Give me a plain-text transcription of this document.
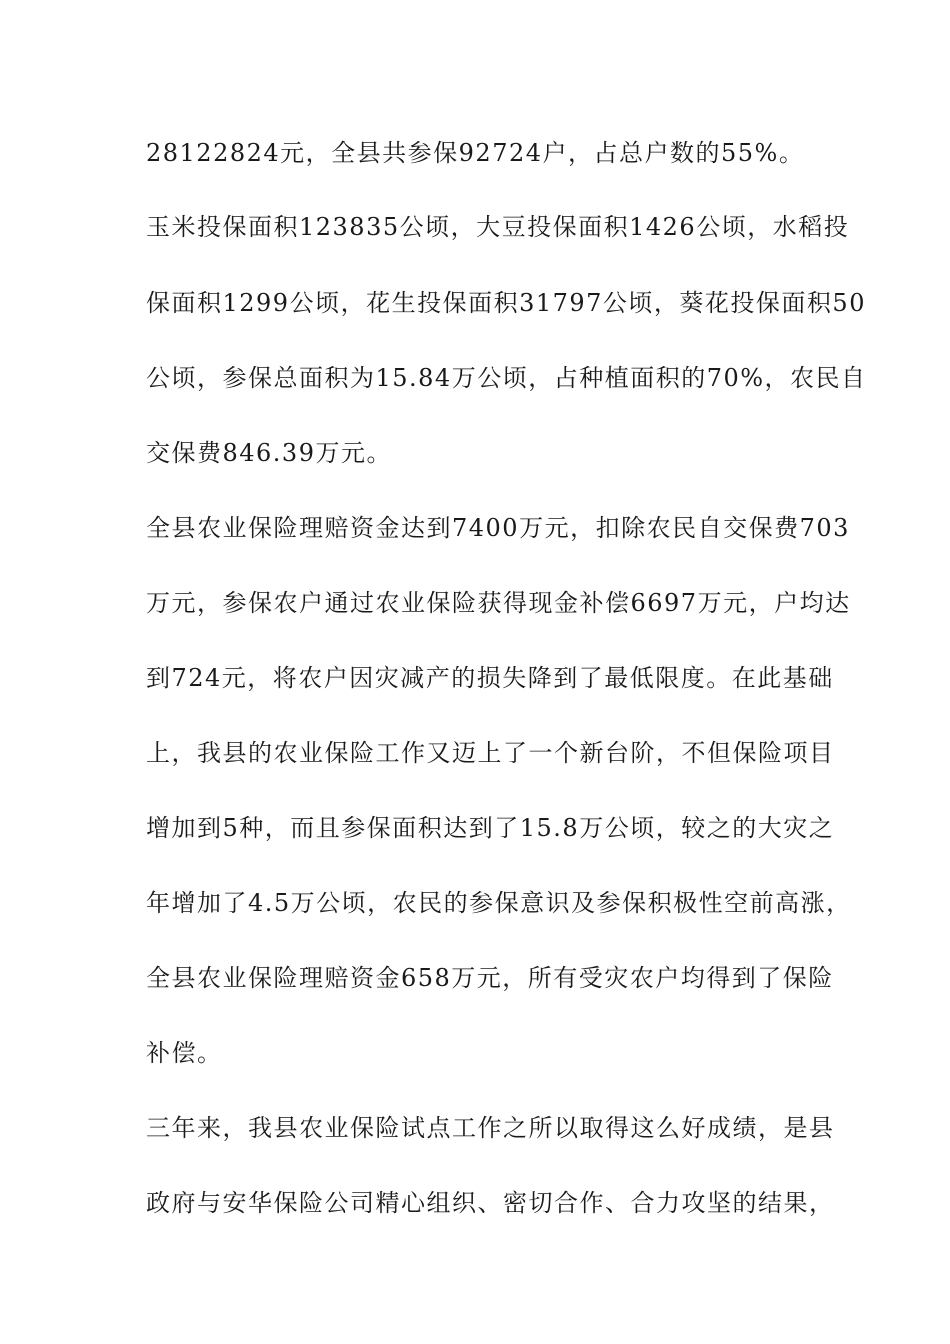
28122824元，全县共参保92724户，占总户数的55%。
玉米投保面积123835公顷，大豆投保面积1426公顷，水稻投
保面积1299公顷，花生投保面积31797公顷，葵花投保面积50
公顷，参保总面积为15.84万公顷，占种植面积的70%，农民自
交保费846.39万元。
全县农业保险理赔资金达到7400万元，扣除农民自交保费703
万元，参保农户通过农业保险获得现金补偿6697万元，户均达
到724元，将农户因灾减产的损失降到了最低限度。在此基础
上，我县的农业保险工作又迈上了一个新台阶，不但保险项目
增加到5种，而且参保面积达到了15.8万公顷，较之的大灾之
年增加了4.5万公顷，农民的参保意识及参保积极性空前高涨，
全县农业保险理赔资金658万元，所有受灾农户均得到了保险
补偿。
三年来，我县农业保险试点工作之所以取得这么好成绩，是县
政府与安华保险公司精心组织、密切合作、合力攻坚的结果，
